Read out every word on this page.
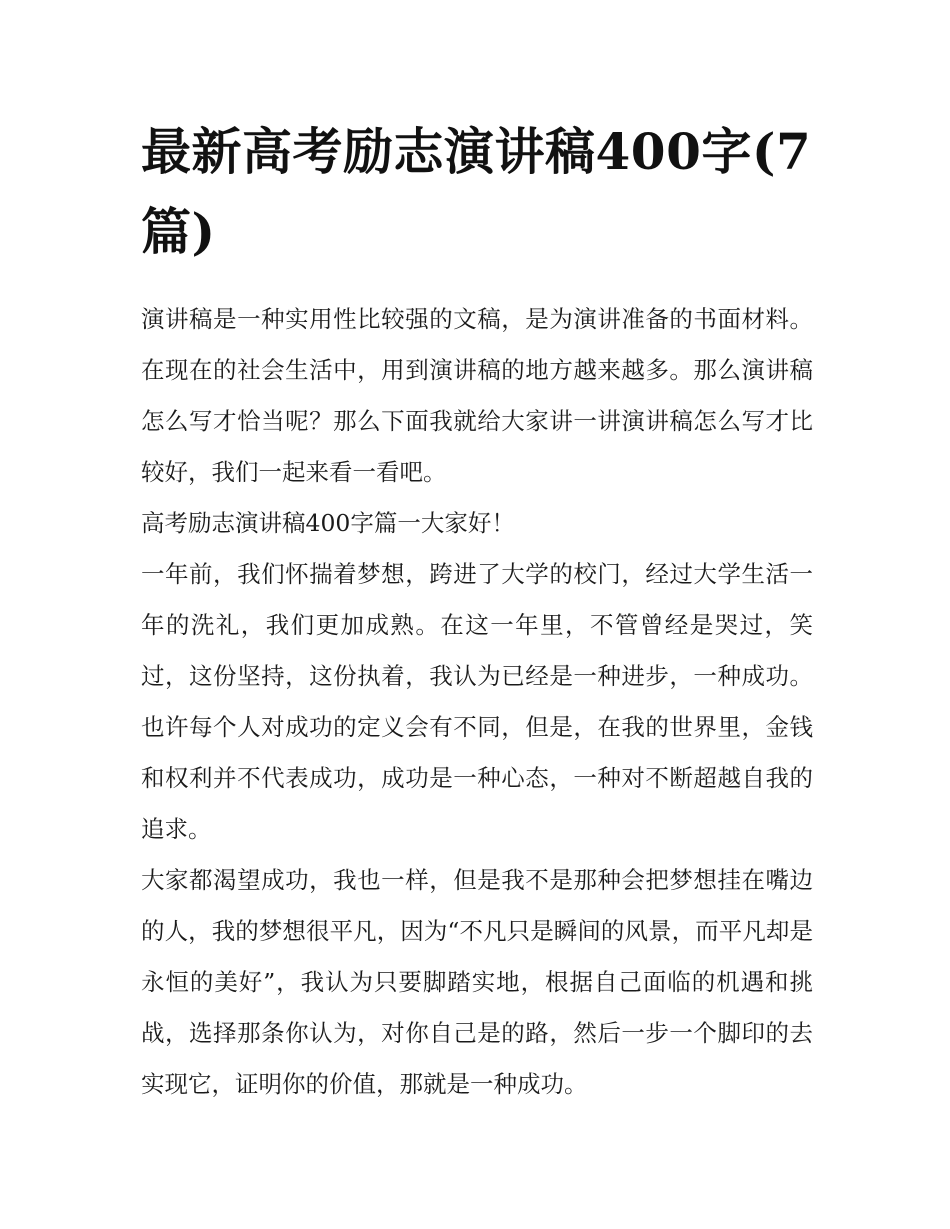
最新高考励志演讲稿400字(7篇)

演讲稿是一种实用性比较强的文稿，是为演讲准备的书面材料。在现在的社会生活中，用到演讲稿的地方越来越多。那么演讲稿怎么写才恰当呢？那么下面我就给大家讲一讲演讲稿怎么写才比较好，我们一起来看一看吧。

高考励志演讲稿400字篇一大家好！

一年前，我们怀揣着梦想，跨进了大学的校门，经过大学生活一年的洗礼，我们更加成熟。在这一年里，不管曾经是哭过，笑过，这份坚持，这份执着，我认为已经是一种进步，一种成功。也许每个人对成功的定义会有不同，但是，在我的世界里，金钱和权利并不代表成功，成功是一种心态，一种对不断超越自我的追求。

大家都渴望成功，我也一样，但是我不是那种会把梦想挂在嘴边的人，我的梦想很平凡，因为“不凡只是瞬间的风景，而平凡却是永恒的美好”，我认为只要脚踏实地，根据自己面临的机遇和挑战，选择那条你认为，对你自己是的路，然后一步一个脚印的去实现它，证明你的价值，那就是一种成功。
